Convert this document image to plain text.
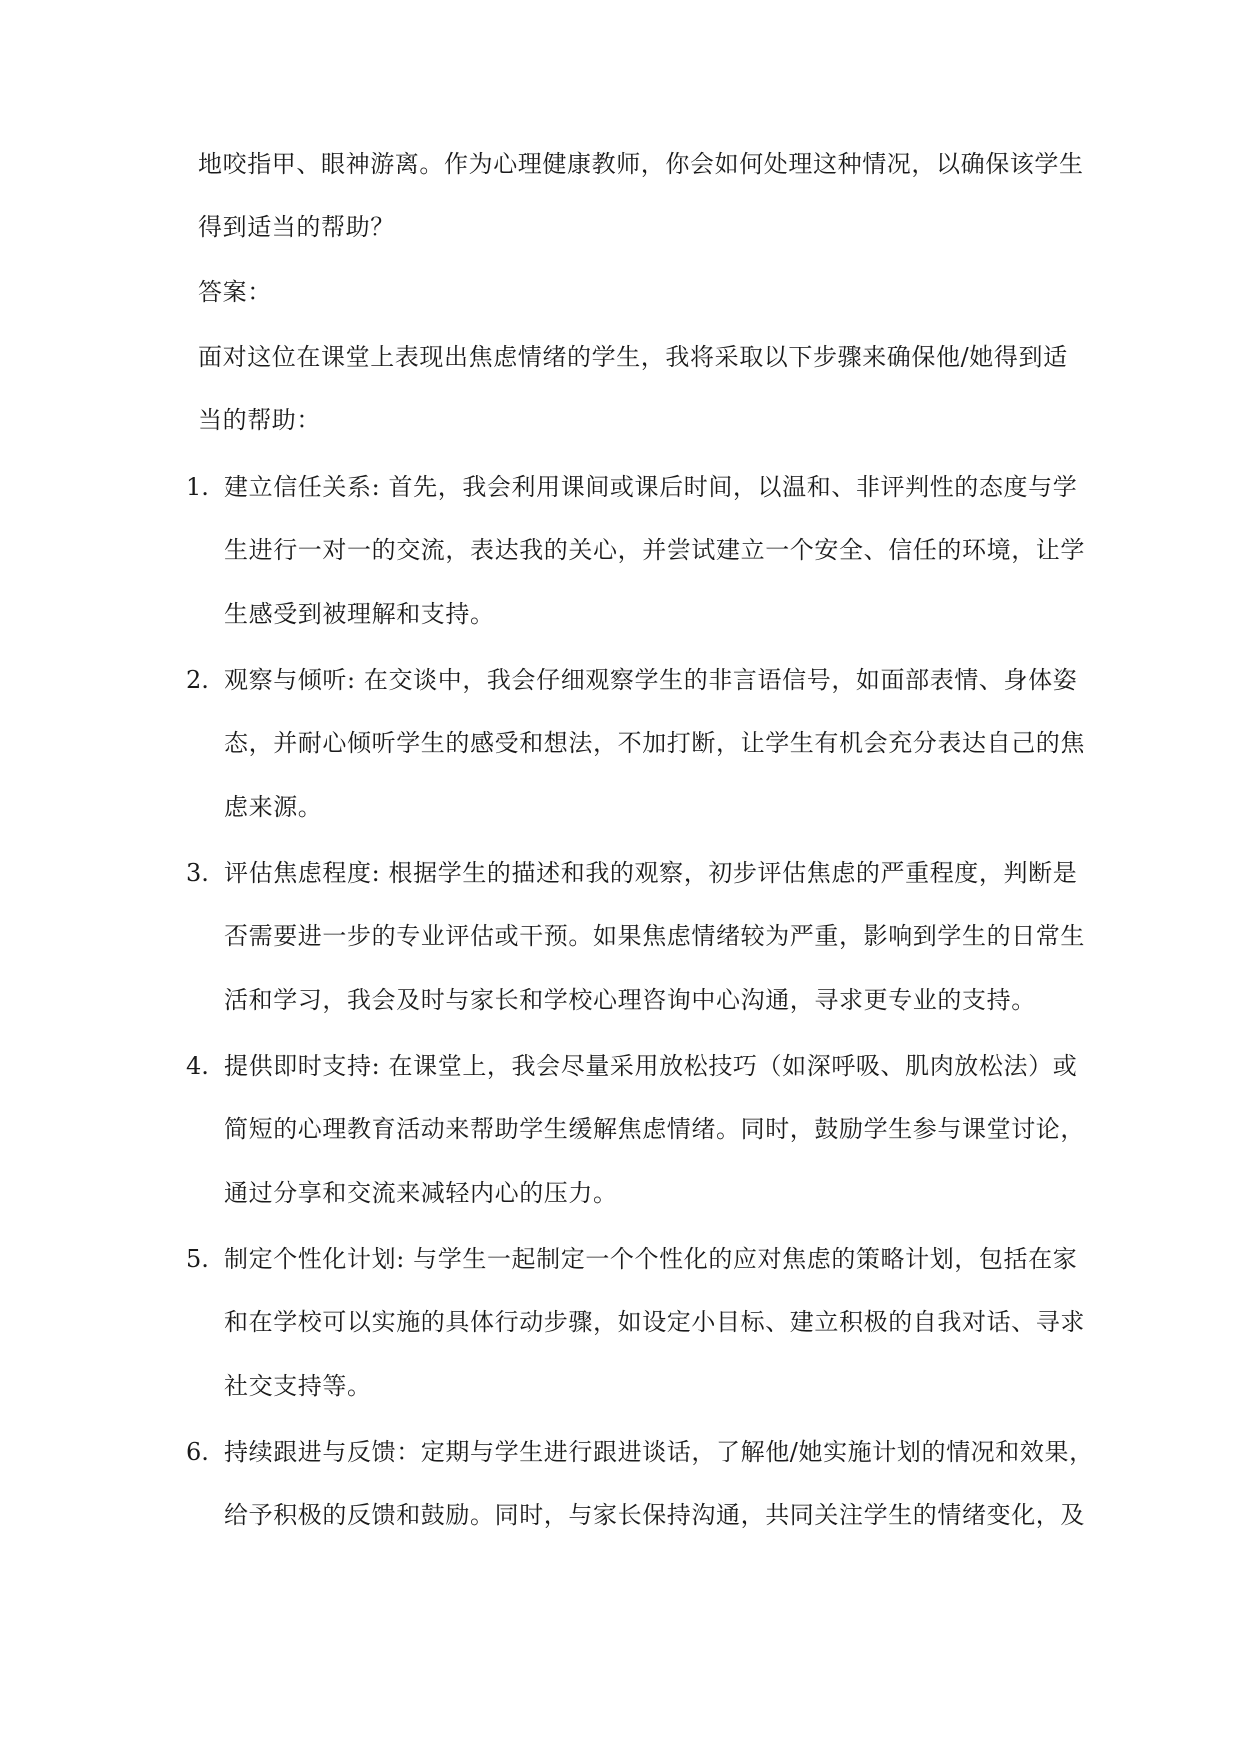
地咬指甲、眼神游离。作为心理健康教师，你会如何处理这种情况，以确保该学生
得到适当的帮助？
答案：
面对这位在课堂上表现出焦虑情绪的学生，我将采取以下步骤来确保他/她得到适
当的帮助：
1. 建立信任关系: 首先，我会利用课间或课后时间，以温和、非评判性的态度与学
生进行一对一的交流，表达我的关心，并尝试建立一个安全、信任的环境，让学
生感受到被理解和支持。
2. 观察与倾听: 在交谈中，我会仔细观察学生的非言语信号，如面部表情、身体姿
态，并耐心倾听学生的感受和想法，不加打断，让学生有机会充分表达自己的焦
虑来源。
3. 评估焦虑程度: 根据学生的描述和我的观察，初步评估焦虑的严重程度，判断是
否需要进一步的专业评估或干预。如果焦虑情绪较为严重，影响到学生的日常生
活和学习，我会及时与家长和学校心理咨询中心沟通，寻求更专业的支持。
4. 提供即时支持: 在课堂上，我会尽量采用放松技巧（如深呼吸、肌肉放松法）或
简短的心理教育活动来帮助学生缓解焦虑情绪。同时，鼓励学生参与课堂讨论，
通过分享和交流来减轻内心的压力。
5. 制定个性化计划: 与学生一起制定一个个性化的应对焦虑的策略计划，包括在家
和在学校可以实施的具体行动步骤，如设定小目标、建立积极的自我对话、寻求
社交支持等。
6. 持续跟进与反馈：定期与学生进行跟进谈话，了解他/她实施计划的情况和效果，
给予积极的反馈和鼓励。同时，与家长保持沟通，共同关注学生的情绪变化，及
